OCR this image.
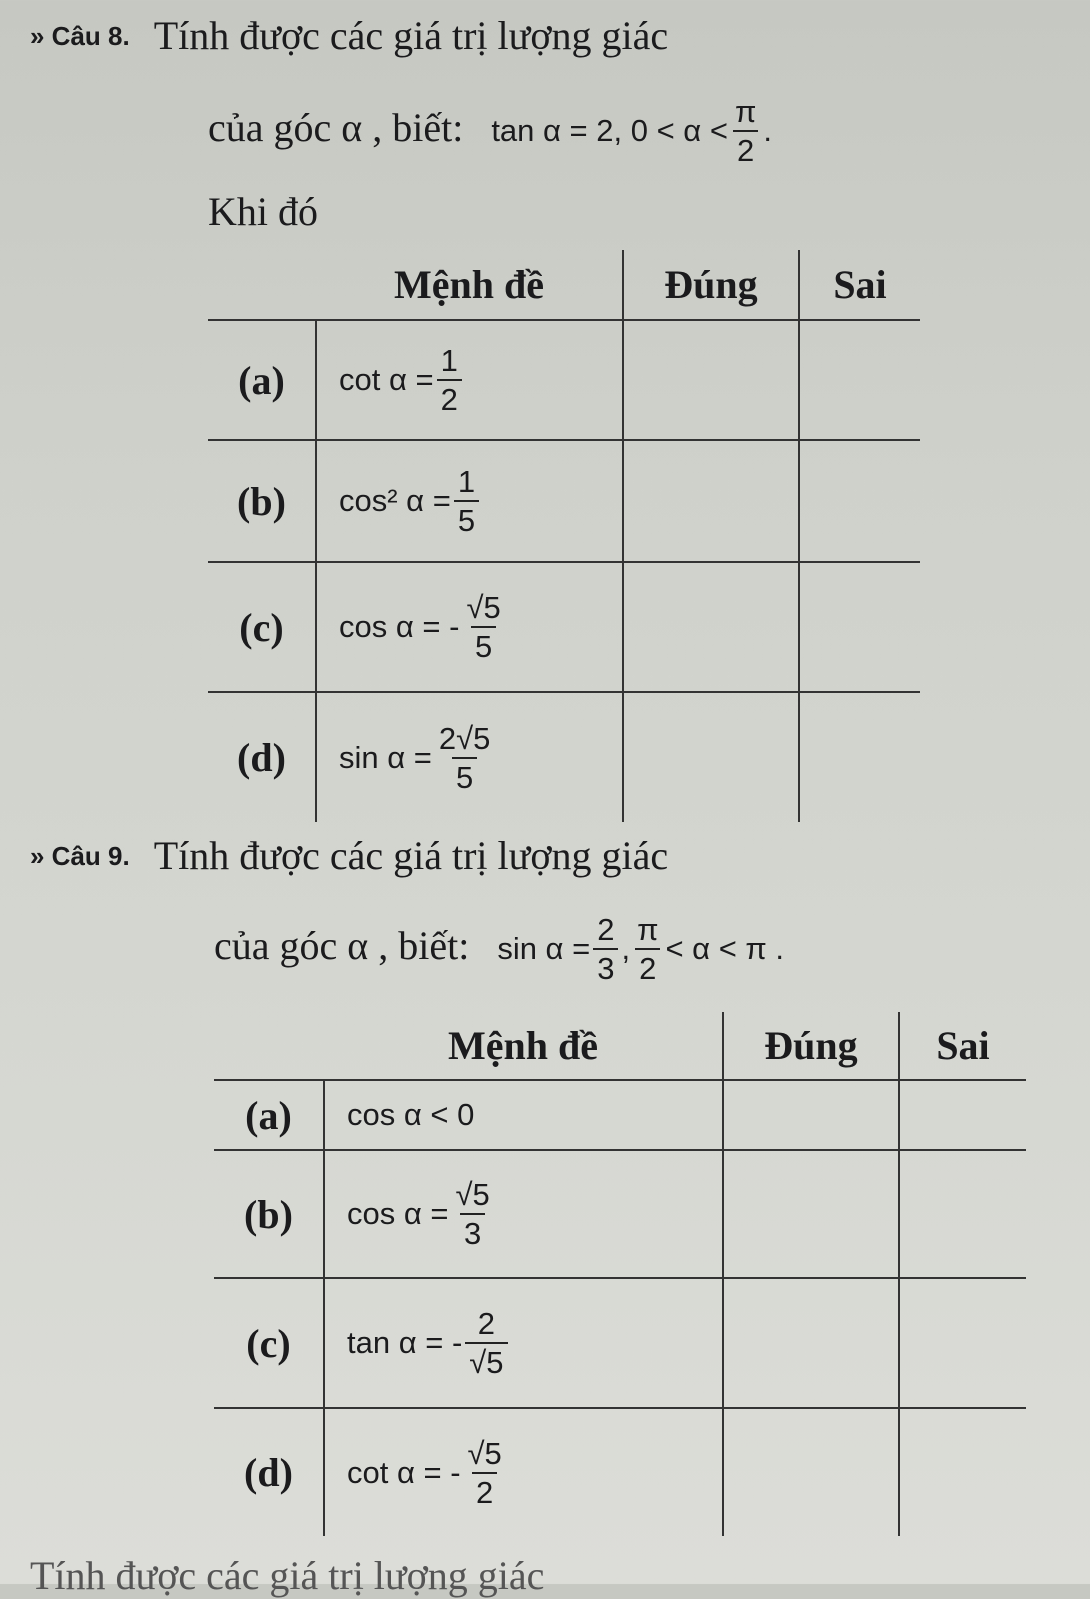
» Câu 8. Tính được các giá trị lượng giác
của góc α , biết: tan α = 2, $0 < \alpha < \frac{\pi}{2}$ .
Khi đó
	Mệnh đề	Đúng	Sai
(a)	$\cot \alpha = \frac{1}{2}$

(b)	cos² $\alpha = \frac{1}{5}$

(c)	cos α = - $\frac{√5}{5}$

(d)	$\sin \alpha = \frac{2√5}{5}$

» Câu 9. Tính được các giá trị lượng giác
của góc α , biết: $\sin \alpha = \frac{2}{3}$ , $\frac{\pi}{2} < \alpha < \pi$ .
	Mệnh đề	Đúng	Sai
(a)	cos α < 0		

(b)	$\cos \alpha = \frac{√5}{3}$

(c)	tan α = - $\frac{2}{√5}$

(d)	cot α = - $\frac{√5}{2}$

Tính được các giá trị lượng giác
